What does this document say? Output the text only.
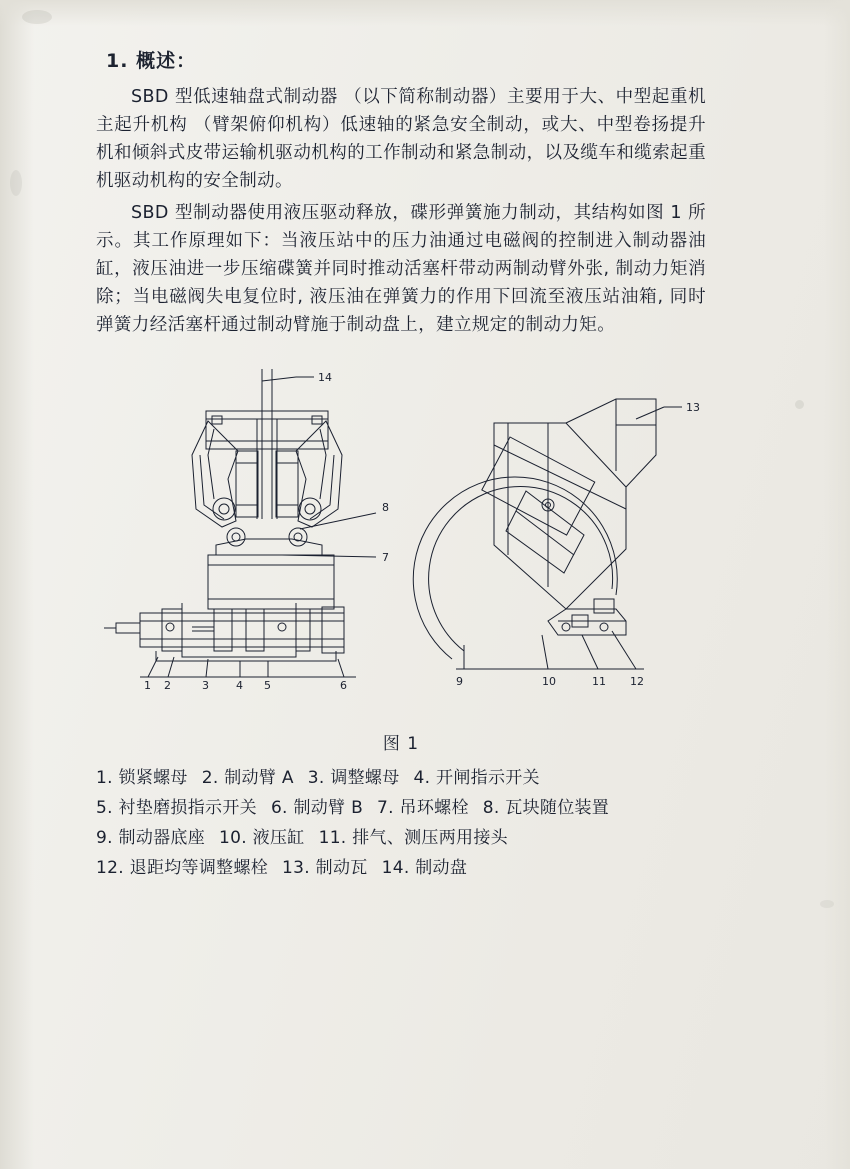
1. 概述：

SBD 型低速轴盘式制动器 （以下简称制动器）主要用于大、中型起重机主起升机构 （臂架俯仰机构）低速轴的紧急安全制动，或大、中型卷扬提升机和倾斜式皮带运输机驱动机构的工作制动和紧急制动，以及缆车和缆索起重机驱动机构的安全制动。

SBD 型制动器使用液压驱动释放，碟形弹簧施力制动，其结构如图 1 所示。其工作原理如下：当液压站中的压力油通过电磁阀的控制进入制动器油缸，液压油进一步压缩碟簧并同时推动活塞杆带动两制动臂外张, 制动力矩消除；当电磁阀失电复位时, 液压油在弹簧力的作用下回流至液压站油箱, 同时弹簧力经活塞杆通过制动臂施于制动盘上，建立规定的制动力矩。

14
8
7
1 2	3 4 5	6
13
9	10	11 12
图 1
1. 锁紧螺母 2. 制动臂 A 3. 调整螺母 4. 开闸指示开关5. 衬垫磨损指示开关 6. 制动臂 B 7. 吊环螺栓 8. 瓦块随位装置 9. 制动器底座 10. 液压缸 11. 排气、测压两用接头12. 退距均等调整螺栓 13. 制动瓦 14. 制动盘
